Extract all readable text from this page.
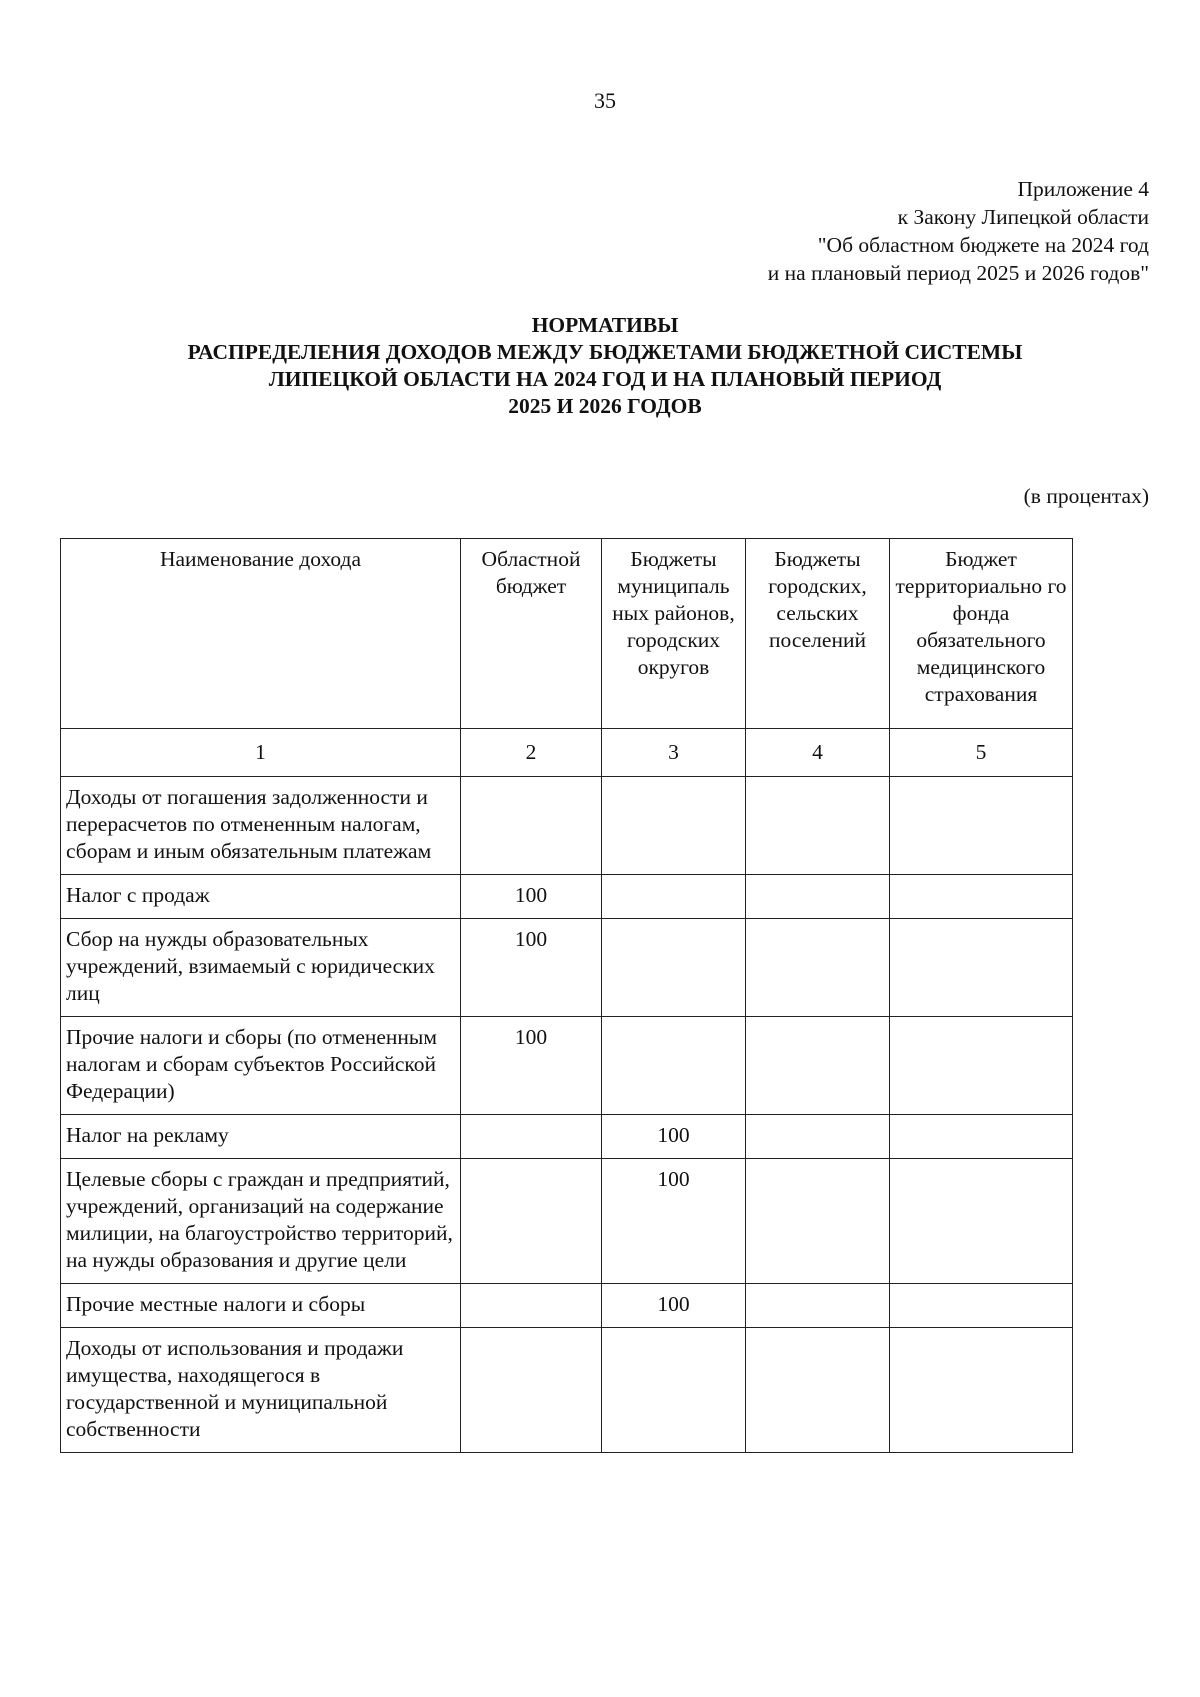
35
Приложение 4
к Закону Липецкой области
"Об областном бюджете на 2024 год
и на плановый период 2025 и 2026 годов"
НОРМАТИВЫ
РАСПРЕДЕЛЕНИЯ ДОХОДОВ МЕЖДУ БЮДЖЕТАМИ БЮДЖЕТНОЙ СИСТЕМЫ
ЛИПЕЦКОЙ ОБЛАСТИ НА 2024 ГОД И НА ПЛАНОВЫЙ ПЕРИОД
2025 И 2026 ГОДОВ
(в процентах)
Наименование дохода	Областной бюджет	Бюджеты муниципаль ных районов, городских округов	Бюджеты городских, сельских поселений	Бюджет территориально го фонда обязательного медицинского страхования
1	2	3	4	5
Доходы от погашения задолженности и перерасчетов по отмененным налогам, сборам и иным обязательным платежам				
Налог с продаж	100			
Сбор на нужды образовательных учреждений, взимаемый с юридических лиц	100			
Прочие налоги и сборы (по отмененным налогам и сборам субъектов Российской Федерации)	100			
Налог на рекламу		100		
Целевые сборы с граждан и предприятий, учреждений, организаций на содержание милиции, на благоустройство территорий, на нужды образования и другие цели		100		
Прочие местные налоги и сборы		100		
Доходы от использования и продажи имущества, находящегося в государственной и муниципальной собственности				
